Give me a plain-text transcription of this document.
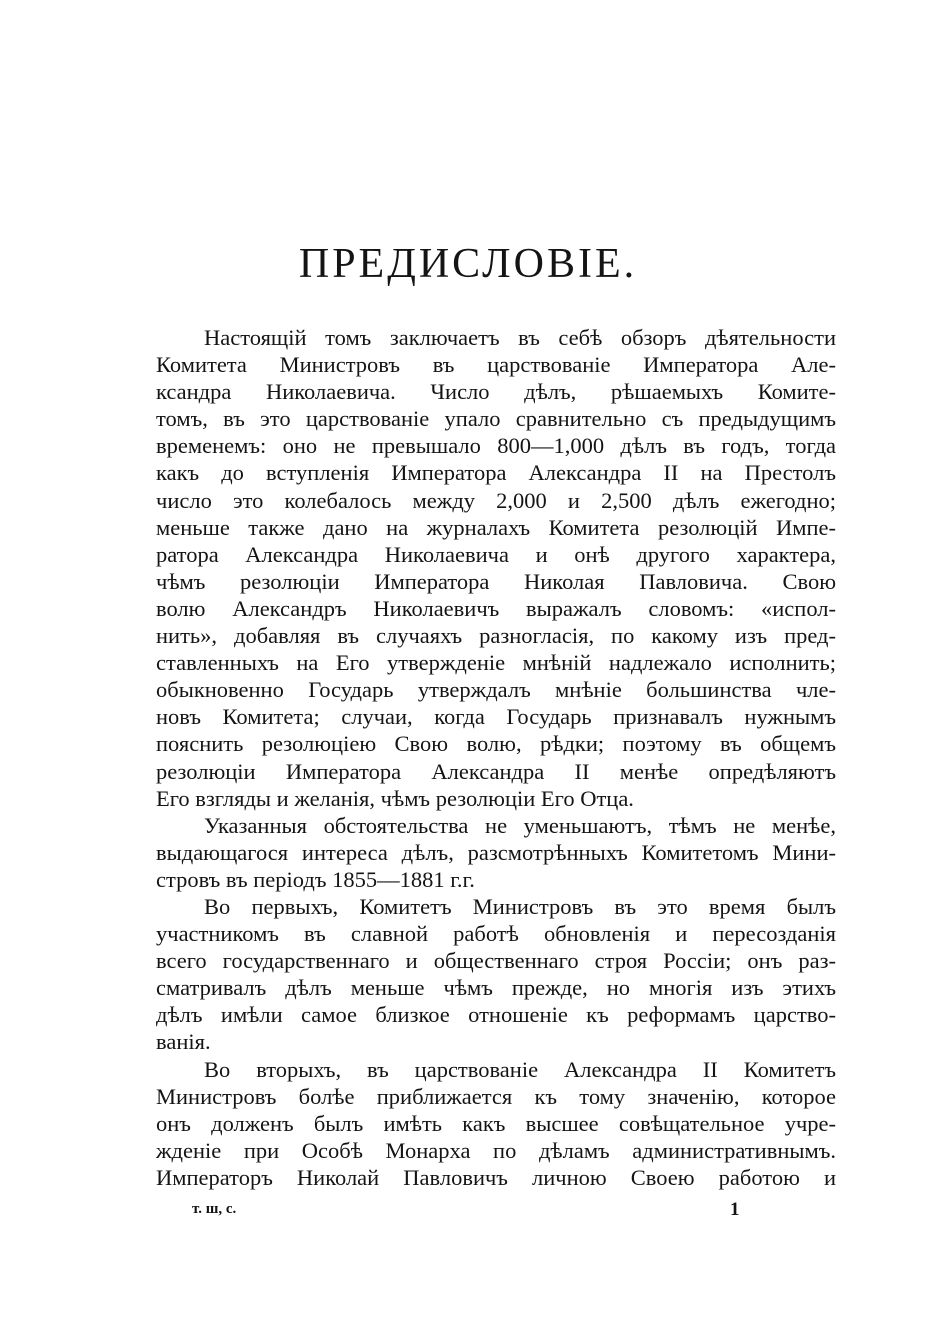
ПРЕДИСЛОВІЕ.
Настоящій томъ заключаетъ въ себѣ обзоръ дѣятельности
Комитета Министровъ въ царствованіе Императора Але-
ксандра Николаевича. Число дѣлъ, рѣшаемыхъ Комите-
томъ, въ это царствованіе упало сравнительно съ предыдущимъ
временемъ: оно не превышало 800—1,000 дѣлъ въ годъ, тогда
какъ до вступленія Императора Александра II на Престолъ
число это колебалось между 2,000 и 2,500 дѣлъ ежегодно;
меньше также дано на журналахъ Комитета резолюцій Импе-
ратора Александра Николаевича и онѣ другого характера,
чѣмъ резолюціи Императора Николая Павловича. Свою
волю Александръ Николаевичъ выражалъ словомъ: «испол-
нить», добавляя въ случаяхъ разногласія, по какому изъ пред-
ставленныхъ на Его утвержденіе мнѣній надлежало исполнить;
обыкновенно Государь утверждалъ мнѣніе большинства чле-
новъ Комитета; случаи, когда Государь признавалъ нужнымъ
пояснить резолюціею Свою волю, рѣдки; поэтому въ общемъ
резолюціи Императора Александра II менѣе опредѣляютъ
Его взгляды и желанія, чѣмъ резолюціи Его Отца.
Указанныя обстоятельства не уменьшаютъ, тѣмъ не менѣе,
выдающагося интереса дѣлъ, разсмотрѣнныхъ Комитетомъ Мини-
стровъ въ періодъ 1855—1881 г.г.
Во первыхъ, Комитетъ Министровъ въ это время былъ
участникомъ въ славной работѣ обновленія и пересозданія
всего государственнаго и общественнаго строя Россіи; онъ раз-
сматривалъ дѣлъ меньше чѣмъ прежде, но многія изъ этихъ
дѣлъ имѣли самое близкое отношеніе къ реформамъ царство-
ванія.
Во вторыхъ, въ царствованіе Александра II Комитетъ
Министровъ болѣе приближается къ тому значенію, которое
онъ долженъ былъ имѣть какъ высшее совѣщательное учре-
жденіе при Особѣ Монарха по дѣламъ административнымъ.
Императоръ Николай Павловичъ личною Своею работою и
т. ш, с.	1
